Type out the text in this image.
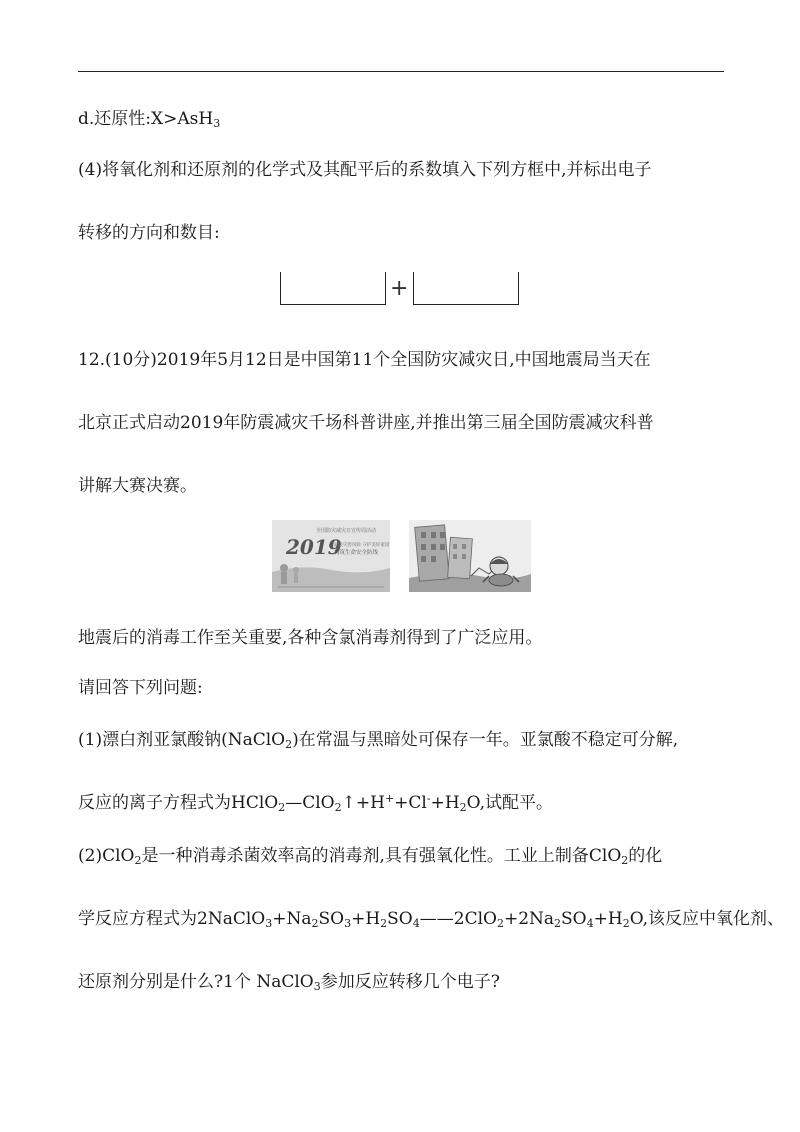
d.还原性:X>AsH$_3$
(4)将氧化剂和还原剂的化学式及其配平后的系数填入下列方框中,并标出电子
转移的方向和数目:
+
12.(10分)2019年5月12日是中国第11个全国防灾减灾日,中国地震局当天在
北京正式启动2019年防震减灾千场科普讲座,并推出第三届全国防震减灾科普
讲解大赛决赛。
全国防灾减灾日宣传周活动
2019
减轻灾害风险 守护美好家园
构筑生命安全防线
地震后的消毒工作至关重要,各种含氯消毒剂得到了广泛应用。
请回答下列问题:
(1)漂白剂亚氯酸钠(NaClO$_2$)在常温与黑暗处可保存一年。亚氯酸不稳定可分解,
反应的离子方程式为$HClO_2—ClO_2↑+H^++Cl^-+H_2O$,试配平。
(2)ClO$_2$是一种消毒杀菌效率高的消毒剂,具有强氧化性。工业上制备ClO$_2$的化
学反应方程式为$2NaClO_3+Na_2SO_3+H_2SO_4——2ClO_2+2Na_2SO_4+H_2O$,该反应中氧化剂、
还原剂分别是什么?1个 NaClO$_3$参加反应转移几个电子?
